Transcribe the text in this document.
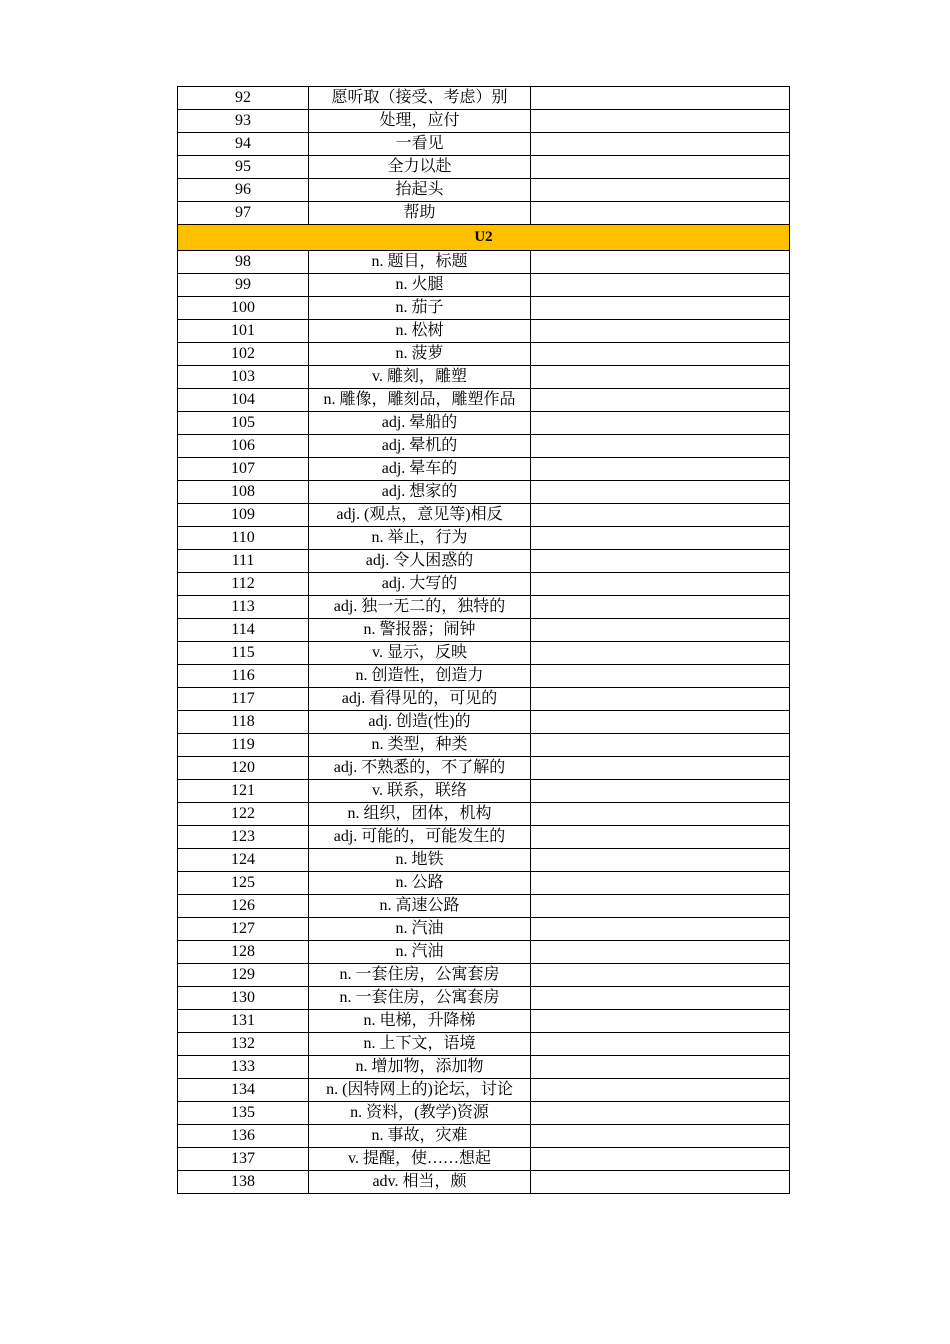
92	愿听取（接受、考虑）别	
93	处理，应付	
94	一看见	
95	全力以赴	
96	抬起头	
97	帮助	
U2		
98	n. 题目，标题	
99	n. 火腿	
100	n. 茄子	
101	n. 松树	
102	n. 菠萝	
103	v. 雕刻，雕塑	
104	n. 雕像，雕刻品，雕塑作品	
105	adj. 晕船的	
106	adj. 晕机的	
107	adj. 晕车的	
108	adj. 想家的	
109	adj. (观点，意见等)相反	
110	n. 举止，行为	
111	adj. 令人困惑的	
112	adj. 大写的	
113	adj. 独一无二的，独特的	
114	n. 警报器；闹钟	
115	v. 显示，反映	
116	n. 创造性，创造力	
117	adj. 看得见的，可见的	
118	adj. 创造(性)的	
119	n. 类型，种类	
120	adj. 不熟悉的，不了解的	
121	v. 联系，联络	
122	n. 组织，团体，机构	
123	adj. 可能的，可能发生的	
124	n. 地铁	
125	n. 公路	
126	n. 高速公路	
127	n. 汽油	
128	n. 汽油	
129	n. 一套住房，公寓套房	
130	n. 一套住房，公寓套房	
131	n. 电梯，升降梯	
132	n. 上下文，语境	
133	n. 增加物，添加物	
134	n. (因特网上的)论坛，讨论	
135	n. 资料，(教学)资源	
136	n. 事故，灾难	
137	v. 提醒，使……想起	
138	adv. 相当，颇	
